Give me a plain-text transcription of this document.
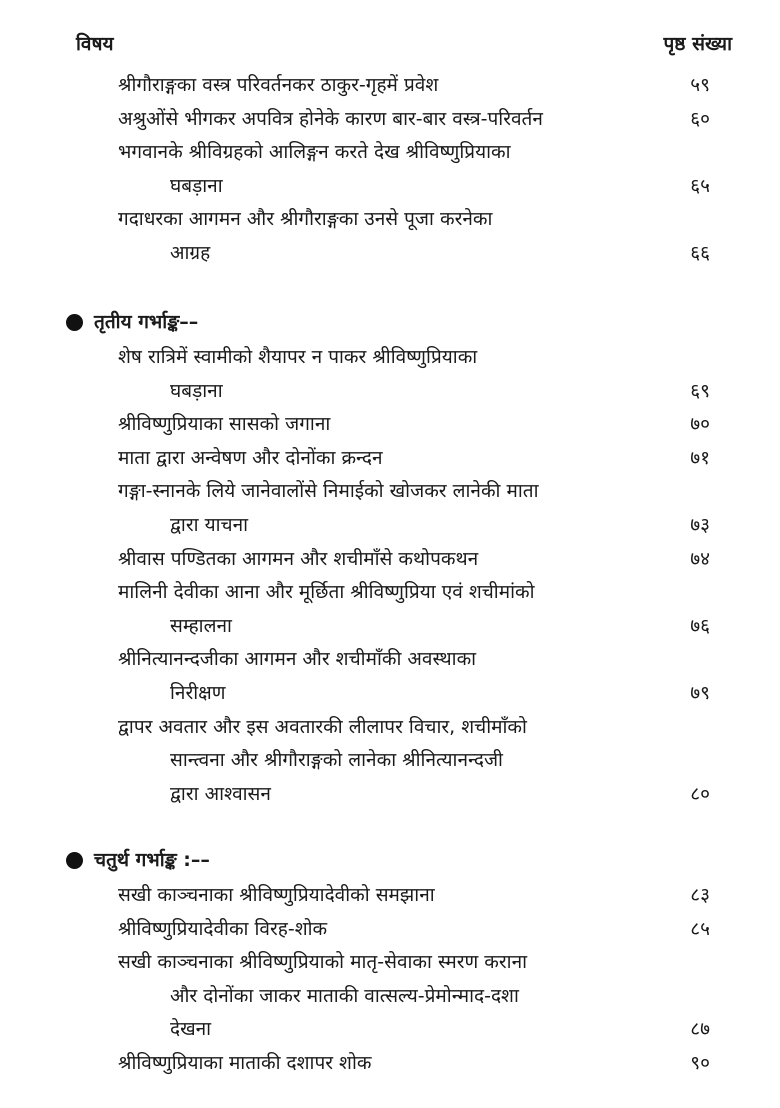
विषय	पृष्ठ संख्या
श्रीगौराङ्गका वस्त्र परिवर्तनकर ठाकुर-गृहमें प्रवेश	५९
अश्रुओंसे भीगकर अपवित्र होनेके कारण बार-बार वस्त्र-परिवर्तन	६०
भगवानके श्रीविग्रहको आलिङ्गन करते देख श्रीविष्णुप्रियाका
घबड़ाना	६५
गदाधरका आगमन और श्रीगौराङ्गका उनसे पूजा करनेका
आग्रह	६६
तृतीय गर्भाङ्क––
शेष रात्रिमें स्वामीको शैयापर न पाकर श्रीविष्णुप्रियाका
घबड़ाना	६९
श्रीविष्णुप्रियाका सासको जगाना	७०
माता द्वारा अन्वेषण और दोनोंका क्रन्दन	७१
गङ्गा-स्नानके लिये जानेवालोंसे निमाईको खोजकर लानेकी माता
द्वारा याचना	७३
श्रीवास पण्डितका आगमन और शचीमाँसे कथोपकथन	७४
मालिनी देवीका आना और मूर्छिता श्रीविष्णुप्रिया एवं शचीमांको
सम्हालना	७६
श्रीनित्यानन्दजीका आगमन और शचीमाँकी अवस्थाका
निरीक्षण	७९
द्वापर अवतार और इस अवतारकी लीलापर विचार, शचीमाँको
सान्त्वना और श्रीगौराङ्गको लानेका श्रीनित्यानन्दजी
द्वारा आश्वासन	८०
चतुर्थ गर्भाङ्क :––
सखी काञ्चनाका श्रीविष्णुप्रियादेवीको समझाना	८३
श्रीविष्णुप्रियादेवीका विरह-शोक	८५
सखी काञ्चनाका श्रीविष्णुप्रियाको मातृ-सेवाका स्मरण कराना
और दोनोंका जाकर माताकी वात्सल्य-प्रेमोन्माद-दशा
देखना	८७
श्रीविष्णुप्रियाका माताकी दशापर शोक	९०
